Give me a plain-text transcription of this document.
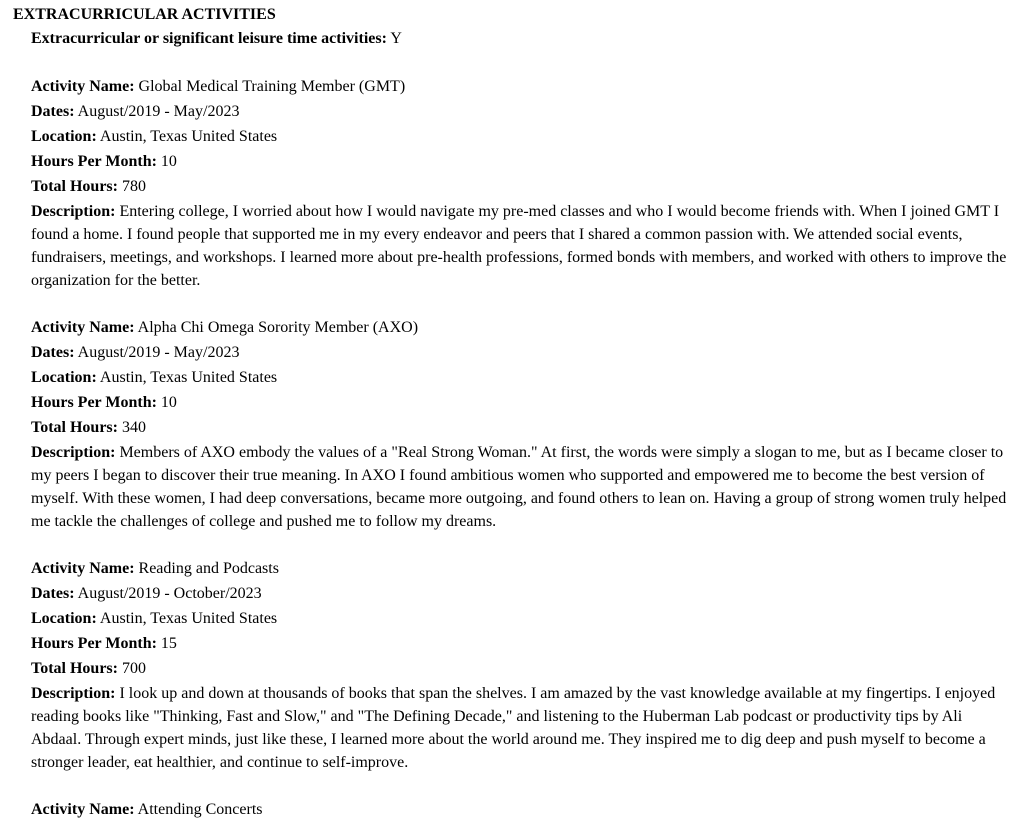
EXTRACURRICULAR ACTIVITIES
Extracurricular or significant leisure time activities: Y
Activity Name: Global Medical Training Member (GMT)
Dates: August/2019 - May/2023
Location: Austin, Texas United States
Hours Per Month: 10
Total Hours: 780
Description: Entering college, I worried about how I would navigate my pre-med classes and who I would become friends with. When I joined GMT I found a home. I found people that supported me in my every endeavor and peers that I shared a common passion with. We attended social events, fundraisers, meetings, and workshops. I learned more about pre-health professions, formed bonds with members, and worked with others to improve the organization for the better.
Activity Name: Alpha Chi Omega Sorority Member (AXO)
Dates: August/2019 - May/2023
Location: Austin, Texas United States
Hours Per Month: 10
Total Hours: 340
Description: Members of AXO embody the values of a "Real Strong Woman." At first, the words were simply a slogan to me, but as I became closer to my peers I began to discover their true meaning. In AXO I found ambitious women who supported and empowered me to become the best version of myself. With these women, I had deep conversations, became more outgoing, and found others to lean on. Having a group of strong women truly helped me tackle the challenges of college and pushed me to follow my dreams.
Activity Name: Reading and Podcasts
Dates: August/2019 - October/2023
Location: Austin, Texas United States
Hours Per Month: 15
Total Hours: 700
Description: I look up and down at thousands of books that span the shelves. I am amazed by the vast knowledge available at my fingertips. I enjoyed reading books like "Thinking, Fast and Slow," and "The Defining Decade," and listening to the Huberman Lab podcast or productivity tips by Ali Abdaal. Through expert minds, just like these, I learned more about the world around me. They inspired me to dig deep and push myself to become a stronger leader, eat healthier, and continue to self-improve.
Activity Name: Attending Concerts
